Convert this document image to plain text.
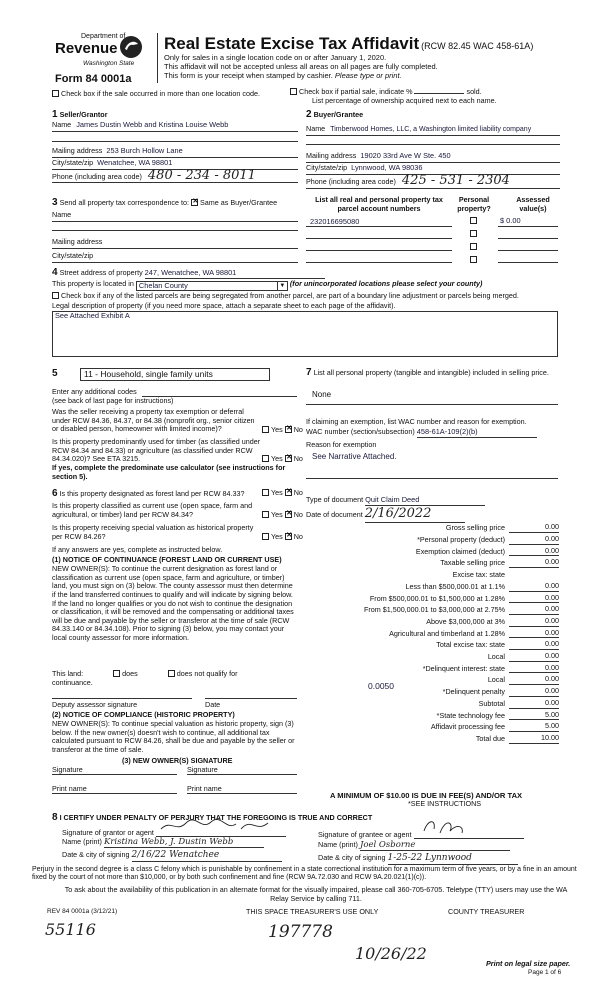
Department of
Revenue
Washington State
Form 84 0001a
Real Estate Excise Tax Affidavit (RCW 82.45 WAC 458-61A)
Only for sales in a single location code on or after January 1, 2020.
This affidavit will not be accepted unless all areas on all pages are fully completed.
This form is your receipt when stamped by cashier. Please type or print.
Check box if the sale occurred in more than one location code.	Check box if partial sale, indicate %	sold.
List percentage of ownership acquired next to each name.
1 Seller/Grantor
Name James Dustin Webb and Kristina Louise Webb
Mailing address 253 Burch Hollow Lane
City/state/zip Wenatchee, WA 98801
Phone (including area code) 480 - 234 - 8011
2 Buyer/Grantee
Name Timberwood Homes, LLC, a Washington limited liability company
Mailing address 19020 33rd Ave W Ste. 450
City/state/zip Lynnwood, WA 98036
Phone (including area code) 425 - 531 - 2304
3 Send all property tax correspondence to: ✕ Same as Buyer/Grantee
Name
Mailing address
City/state/zip
List all real and personal property tax parcel account numbers
Personal property?
Assessed value(s)
232016695080	$ 0.00
4 Street address of property 247, Wenatchee, WA 98801
This property is located in Chelan County	▼ (for unincorporated locations please select your county)
Check box if any of the listed parcels are being segregated from another parcel, are part of a boundary line adjustment or parcels being merged.
Legal description of property (if you need more space, attach a separate sheet to each page of the affidavit).
See Attached Exhibit A
5	11 - Household, single family units
Enter any additional codes
(see back of last page for instructions)
Was the seller receiving a property tax exemption or deferral under RCW 84.36, 84.37, or 84.38 (nonprofit org., senior citizen or disabled person, homeowner with limited income)?	Yes ✕ No
Is this property predominantly used for timber (as classified under RCW 84.34 and 84.33) or agriculture (as classified under RCW 84.34.020)? See ETA 3215.	Yes ✕ No
If yes, complete the predominate use calculator (see instructions for section 5).
6 Is this property designated as forest land per RCW 84.33?	Yes ✕ No
Is this property classified as current use (open space, farm and agricultural, or timber) land per RCW 84.34?	Yes ✕ No
Is this property receiving special valuation as historical property per RCW 84.26?	Yes ✕ No
If any answers are yes, complete as instructed below.
(1) NOTICE OF CONTINUANCE (FOREST LAND OR CURRENT USE)
NEW OWNER(S): To continue the current designation as forest land or classification as current use (open space, farm and agriculture, or timber) land, you must sign on (3) below. The county assessor must then determine if the land transferred continues to qualify and will indicate by signing below. If the land no longer qualifies or you do not wish to continue the designation or classification, it will be removed and the compensating or additional taxes will be due and payable by the seller or transferor at the time of sale (RCW 84.33.140 or 84.34.108). Prior to signing (3) below, you may contact your local county assessor for more information.
This land:	does	does not qualify for
continuance.
Deputy assessor signature	Date
(2) NOTICE OF COMPLIANCE (HISTORIC PROPERTY)
NEW OWNER(S): To continue special valuation as historic property, sign (3) below. If the new owner(s) doesn't wish to continue, all additional tax calculated pursuant to RCW 84.26, shall be due and payable by the seller or transferor at the time of sale.
(3) NEW OWNER(S) SIGNATURE
Signature	Signature
Print name	Print name
7 List all personal property (tangible and intangible) included in selling price.
None
If claiming an exemption, list WAC number and reason for exemption.
WAC number (section/subsection) 458-61A-109(2)(b)
Reason for exemption
See Narrative Attached.
Type of document Quit Claim Deed
Date of document 2/16/2022
Gross selling price	0.00
*Personal property (deduct)	0.00
Exemption claimed (deduct)	0.00
Taxable selling price	0.00
Excise tax: state
Less than $500,000.01 at 1.1%	0.00
From $500,000.01 to $1,500,000 at 1.28%	0.00
From $1,500,000.01 to $3,000,000 at 2.75%	0.00
Above $3,000,000 at 3%	0.00
Agricultural and timberland at 1.28%	0.00
Total excise tax: state	0.00
Local	0.00
*Delinquent interest: state	0.00
Local	0.00
*Delinquent penalty	0.00
Subtotal	0.00
*State technology fee	5.00
Affidavit processing fee	5.00
Total due	10.00
0.0050
A MINIMUM OF $10.00 IS DUE IN FEE(S) AND/OR TAX
*SEE INSTRUCTIONS
8 I CERTIFY UNDER PENALTY OF PERJURY THAT THE FOREGOING IS TRUE AND CORRECT
Signature of grantor or agent
Name (print) Kristina Webb, J. Dustin Webb
Date & city of signing 2/16/22 Wenatchee
Signature of grantee or agent
Name (print) Joel Osborne
Date & city of signing 1-25-22 Lynnwood
Perjury in the second degree is a class C felony which is punishable by confinement in a state correctional institution for a maximum term of five years, or by a fine in an amount fixed by the court of not more than $10,000, or by both such confinement and fine (RCW 9A.72.030 and RCW 9A.20.021(1)(c)).
To ask about the availability of this publication in an alternate format for the visually impaired, please call 360-705-6705. Teletype (TTY) users may use the WA Relay Service by calling 711.
REV 84 0001a (3/12/21)	THIS SPACE TREASURER'S USE ONLY	COUNTY TREASURER
55116	197778
10/26/22
Print on legal size paper.
Page 1 of 6
